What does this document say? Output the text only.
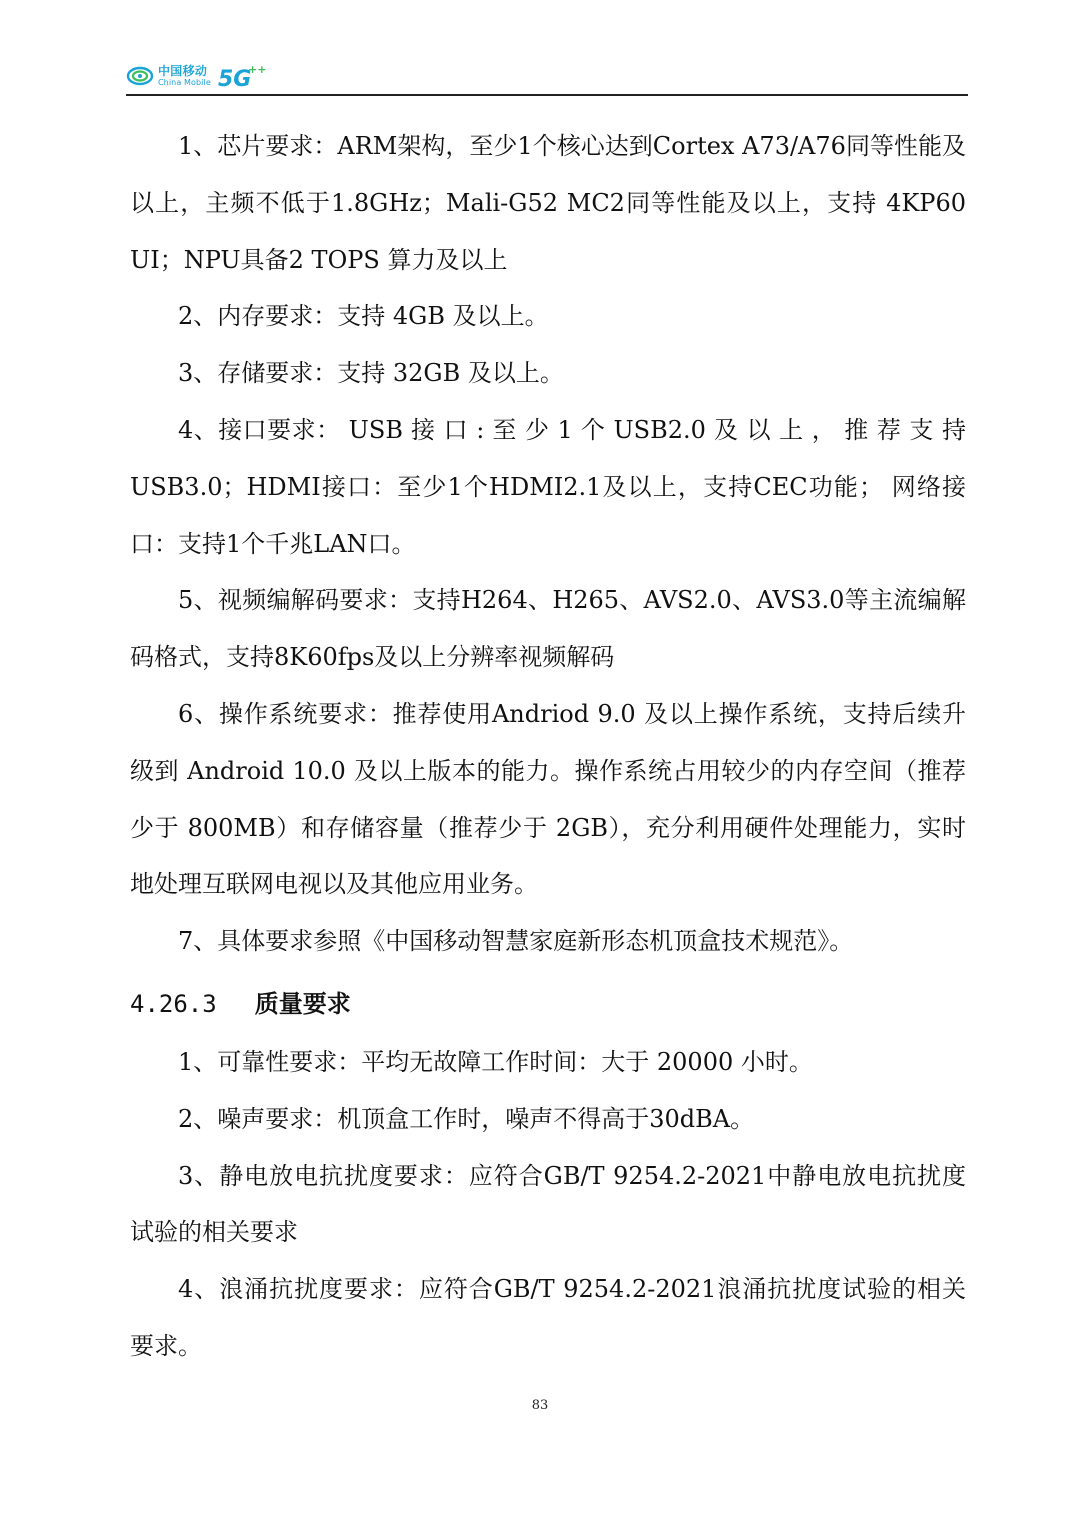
中国移动
China Mobile 5G
++

1、芯片要求：ARM架构，至少1个核心达到Cortex A73/A76同等性能及以上，主频不低于1.8GHz；Mali-G52 MC2同等性能及以上，支持 4KP60 UI；NPU具备2 TOPS 算力及以上

2、内存要求：支持 4GB 及以上。

3、存储要求：支持 32GB 及以上。

4、接口要求： USB 接 口 : 至 少 1 个 USB2.0 及 以 上 ， 推 荐 支 持USB3.0；HDMI接口：至少1个HDMI2.1及以上，支持CEC功能； 网络接口：支持1个千兆LAN口。

5、视频编解码要求：支持H264、H265、AVS2.0、AVS3.0等主流编解码格式，支持8K60fps及以上分辨率视频解码

6、操作系统要求：推荐使用Andriod 9.0 及以上操作系统，支持后续升级到 Android 10.0 及以上版本的能力。操作系统占用较少的内存空间（推荐少于 800MB）和存储容量（推荐少于 2GB），充分利用硬件处理能力，实时地处理互联网电视以及其他应用业务。

7、具体要求参照《中国移动智慧家庭新形态机顶盒技术规范》。

4.26.3 质量要求

1、可靠性要求：平均无故障工作时间：大于 20000 小时。

2、噪声要求：机顶盒工作时，噪声不得高于30dBA。

3、静电放电抗扰度要求：应符合GB/T 9254.2-2021中静电放电抗扰度试验的相关要求

4、浪涌抗扰度要求：应符合GB/T 9254.2-2021浪涌抗扰度试验的相关要求。

83
